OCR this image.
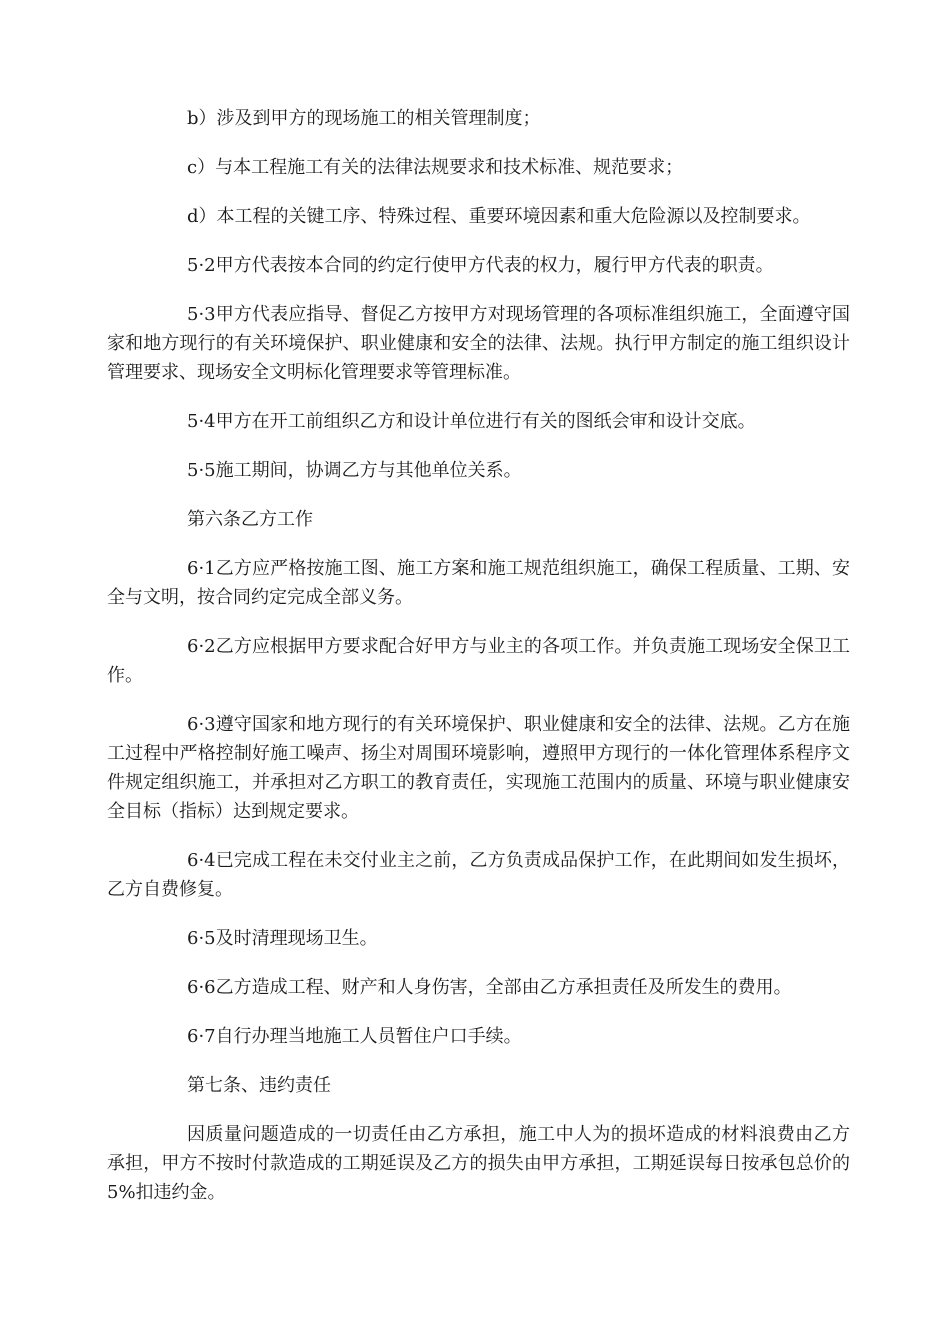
b）涉及到甲方的现场施工的相关管理制度；

c）与本工程施工有关的法律法规要求和技术标准、规范要求；

d）本工程的关键工序、特殊过程、重要环境因素和重大危险源以及控制要求。

5·2甲方代表按本合同的约定行使甲方代表的权力，履行甲方代表的职责。

5·3甲方代表应指导、督促乙方按甲方对现场管理的各项标准组织施工，全面遵守国家和地方现行的有关环境保护、职业健康和安全的法律、法规。执行甲方制定的施工组织设计管理要求、现场安全文明标化管理要求等管理标准。

5·4甲方在开工前组织乙方和设计单位进行有关的图纸会审和设计交底。

5·5施工期间，协调乙方与其他单位关系。

第六条乙方工作

6·1乙方应严格按施工图、施工方案和施工规范组织施工，确保工程质量、工期、安全与文明，按合同约定完成全部义务。

6·2乙方应根据甲方要求配合好甲方与业主的各项工作。并负责施工现场安全保卫工作。

6·3遵守国家和地方现行的有关环境保护、职业健康和安全的法律、法规。乙方在施工过程中严格控制好施工噪声、扬尘对周围环境影响，遵照甲方现行的一体化管理体系程序文件规定组织施工，并承担对乙方职工的教育责任，实现施工范围内的质量、环境与职业健康安全目标（指标）达到规定要求。

6·4已完成工程在未交付业主之前，乙方负责成品保护工作，在此期间如发生损坏，乙方自费修复。

6·5及时清理现场卫生。

6·6乙方造成工程、财产和人身伤害，全部由乙方承担责任及所发生的费用。

6·7自行办理当地施工人员暂住户口手续。

第七条、违约责任

因质量问题造成的一切责任由乙方承担，施工中人为的损坏造成的材料浪费由乙方承担，甲方不按时付款造成的工期延误及乙方的损失由甲方承担，工期延误每日按承包总价的5%扣违约金。
